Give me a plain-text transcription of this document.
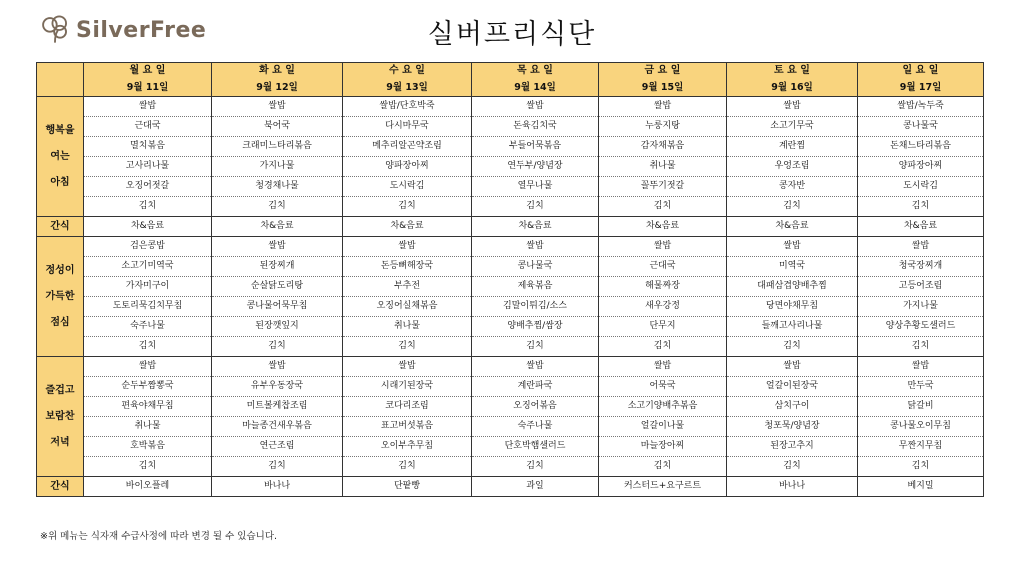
SilverFree	실버프리식단
	월 요 일	화 요 일	수 요 일	목 요 일	금 요 일	토 요 일	일 요 일
	9월 11일	9월 12일	9월 13일	9월 14일	9월 15일	9월 16일	9월 17일

행복을
여는
아침	쌀밥	쌀밥	쌀밥/단호박죽	쌀밥	쌀밥	쌀밥	쌀밥/녹두죽
	근대국	북어국	다시마무국	돈육김치국	누룽지탕	소고기무국	콩나물국
	멸치볶음	크래미느타리볶음	메추리알곤약조림	부들어묵볶음	감자채볶음	계란찜	돈채느타리볶음
	고사리나물	가지나물	양파장아찌	연두부/양념장	취나물	우엉조림	양파장아찌
	오징어젓갈	청경채나물	도시락김	열무나물	꼴뚜기젓갈	콩자반	도시락김
	김치	김치	김치	김치	김치	김치	김치

간식	차&음료	차&음료	차&음료	차&음료	차&음료	차&음료	차&음료

정성이
가득한
점심	검은콩밥	쌀밥	쌀밥	쌀밥	쌀밥	쌀밥	쌀밥
	소고기미역국	된장찌개	돈등뼈해장국	콩나물국	근대국	미역국	청국장찌개
	가자미구이	순살닭도리탕	부추전	제육볶음	해물짜장	대패삼겹양배추찜	고등어조림
	도토리묵김치무침	콩나물어묵무침	오징어실채볶음	김말이튀김/소스	새우강정	당면야채무침	가지나물
	숙주나물	된장깻잎지	취나물	양배추찜/쌈장	단무지	들깨고사리나물	양상추황도샐러드
	김치	김치	김치	김치	김치	김치	김치

즐겁고
보람찬
저녁	쌀밥	쌀밥	쌀밥	쌀밥	쌀밥	쌀밥	쌀밥
	순두부짬뽕국	유부우동장국	시래기된장국	계란파국	어묵국	얼갈이된장국	만두국
	편육야채무침	미트볼케찹조림	코다리조림	오징어볶음	소고기양배추볶음	삼치구이	닭갈비
	취나물	마늘종건새우볶음	표고버섯볶음	숙주나물	얼갈이나물	청포묵/양념장	콩나물오이무침
	호박볶음	연근조림	오이부추무침	단호박햄샐러드	마늘장아찌	된장고추지	무짠지무침
	김치	김치	김치	김치	김치	김치	김치

간식	바이오플레	바나나	단팥빵	과일	커스터드+요구르트	바나나	베지밀
※위 메뉴는 식자재 수급사정에 따라 변경 될 수 있습니다.
